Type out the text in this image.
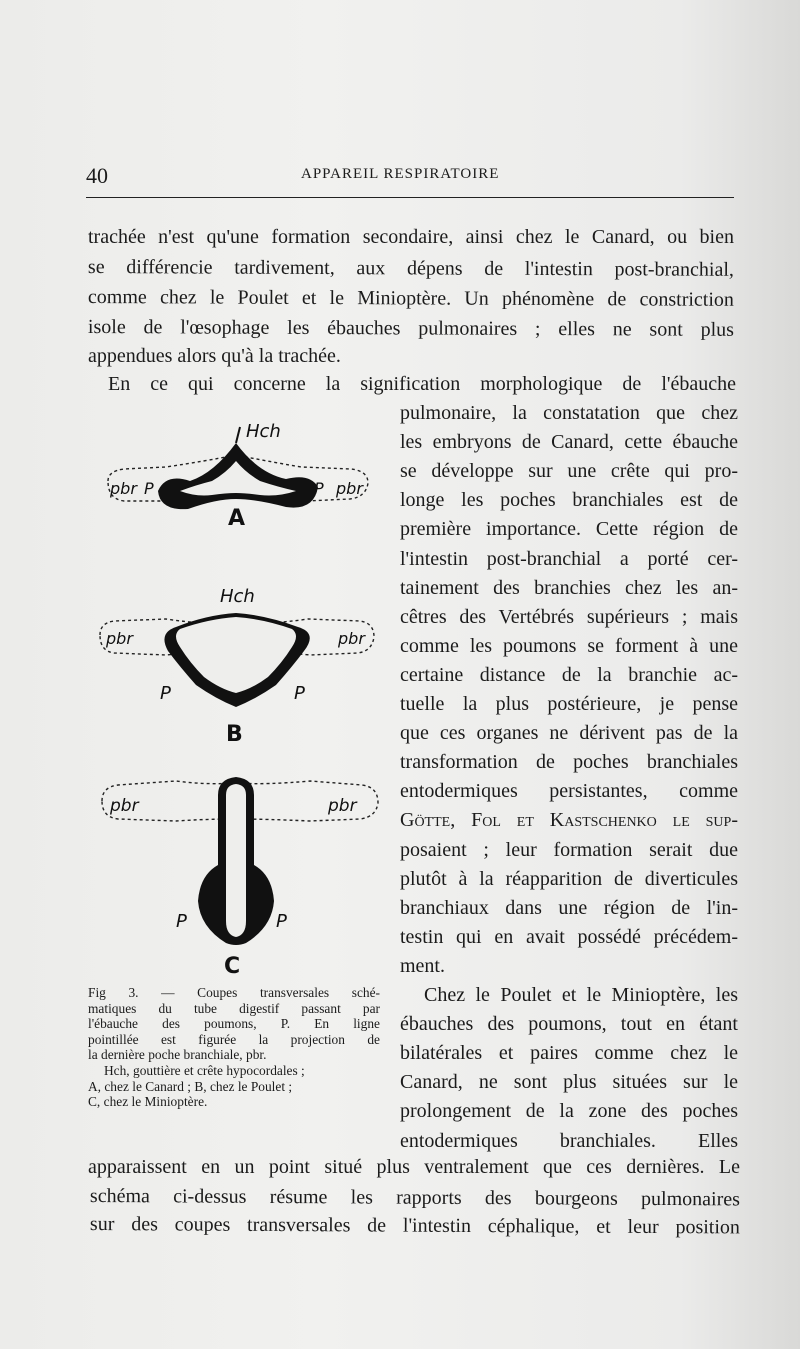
40	APPAREIL RESPIRATOIRE
trachée n'est qu'une formation secondaire, ainsi chez le Canard, ou bien
se différencie tardivement, aux dépens de l'intestin post-branchial,
comme chez le Poulet et le Minioptère. Un phénomène de constriction
isole de l'œsophage les ébauches pulmonaires ; elles ne sont plus
appendues alors qu'à la trachée.
En ce qui concerne la signification morphologique de l'ébauche
pulmonaire, la constatation que chez
les embryons de Canard, cette ébauche
se développe sur une crête qui pro-
longe les poches branchiales est de
première importance. Cette région de
l'intestin post-branchial a porté cer-
tainement des branchies chez les an-
cêtres des Vertébrés supérieurs ; mais
comme les poumons se forment à une
certaine distance de la branchie ac-
tuelle la plus postérieure, je pense
que ces organes ne dérivent pas de la
transformation de poches branchiales
entodermiques persistantes, comme
Götte, Fol et Kastschenko le sup-
posaient ; leur formation serait due
plutôt à la réapparition de diverticules
branchiaux dans une région de l'in-
testin qui en avait possédé précédem-
ment.
Chez le Poulet et le Minioptère, les
ébauches des poumons, tout en étant
bilatérales et paires comme chez le
Canard, ne sont plus situées sur le
prolongement de la zone des poches
entodermiques branchiales. Elles
Hch
pbr P	P pbr
A
Hch
pbr	pbr
P	P
B
pbr	pbr
P	P
C
Fig 3. — Coupes transversales sché-
matiques du tube digestif passant par
l'ébauche des poumons, P. En ligne
pointillée est figurée la projection de
la dernière poche branchiale, pbr.
Hch, gouttière et crête hypocordales ;
A, chez le Canard ; B, chez le Poulet ;
C, chez le Minioptère.
apparaissent en un point situé plus ventralement que ces dernières. Le
schéma ci-dessus résume les rapports des bourgeons pulmonaires
sur des coupes transversales de l'intestin céphalique, et leur position
